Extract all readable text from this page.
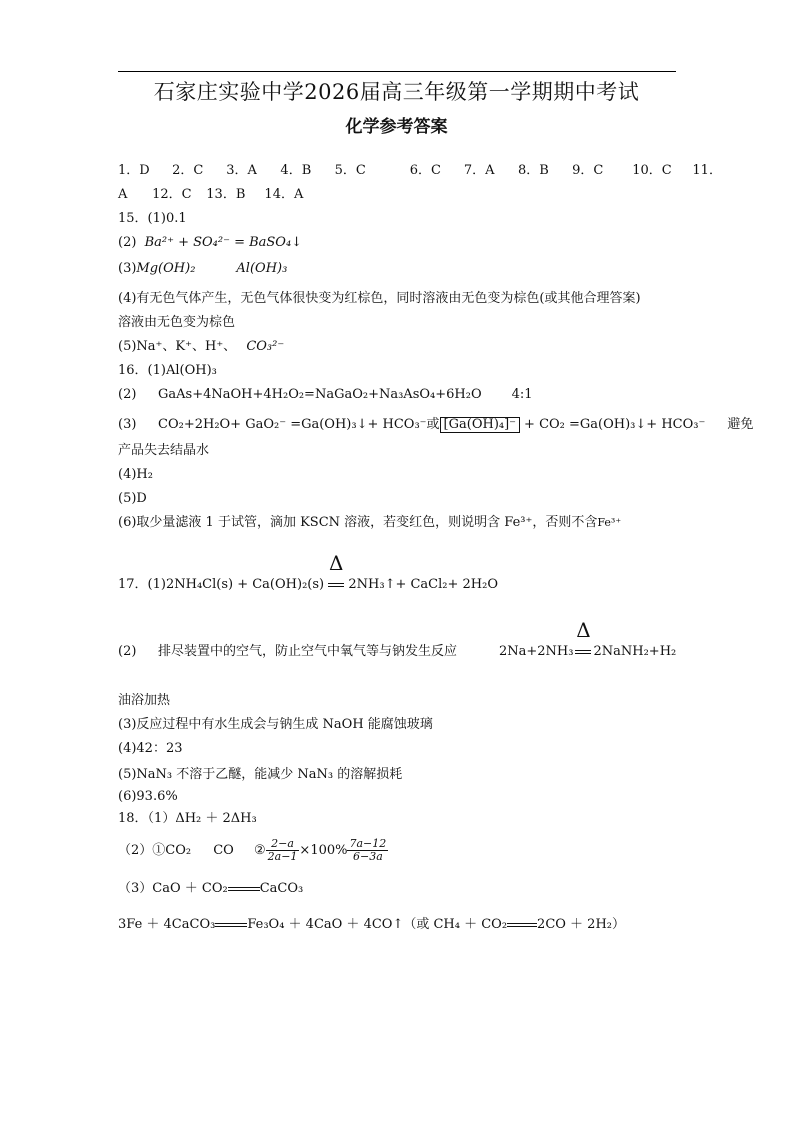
石家庄实验中学2026届高三年级第一学期期中考试
化学参考答案
1．D 2．C 3．A 4．B 5．C	6．C 7．A 8．B 9．C 10．C 11．
A 12．C 13．B 14．A
15．(1)0.1
(2) Ba²⁺ + SO₄²⁻ = BaSO₄↓
(3)Mg(OH)₂	Al(OH)₃
(4)有无色气体产生，无色气体很快变为红棕色，同时溶液由无色变为棕色(或其他合理答案)
溶液由无色变为棕色
(5)Na⁺、K⁺、H⁺、 CO₃²⁻
16．(1)Al(OH)₃
(2) GaAs+4NaOH+4H₂O₂=NaGaO₂+Na₃AsO₄+6H₂O 4:1
(3) CO₂+2H₂O+ GaO₂⁻ =Ga(OH)₃↓+ HCO₃⁻或 [Ga(OH)₄]⁻ + CO₂ =Ga(OH)₃↓+ HCO₃⁻ 避免
产品失去结晶水
(4)H₂
(5)D
(6)取少量滤液 1 于试管，滴加 KSCN 溶液，若变红色，则说明含 Fe³⁺，否则不含Fe³⁺
17．(1)2NH₄Cl(s) + Ca(OH)₂(s)
Δ
2NH₃↑+ CaCl₂+ 2H₂O
(2) 排尽装置中的空气，防止空气中氧气等与钠发生反应	2Na+2NH₃
Δ
2NaNH₂+H₂
油浴加热
(3)反应过程中有水生成会与钠生成 NaOH 能腐蚀玻璃
(4)42：23
(5)NaN₃ 不溶于乙醚，能减少 NaN₃ 的溶解损耗
(6)93.6%
18．（1）ΔH₂ ＋ 2ΔH₃
（2）①CO₂ CO ② $\frac{2-a}{2a-1} \times 100\% \frac{7a-12}{6-3a}$
（3）CaO ＋ CO₂ CaCO₃
3Fe ＋ 4CaCO₃ Fe₃O₄ ＋ 4CaO ＋ 4CO↑（或 CH₄ ＋ CO₂ 2CO ＋ 2H₂）
